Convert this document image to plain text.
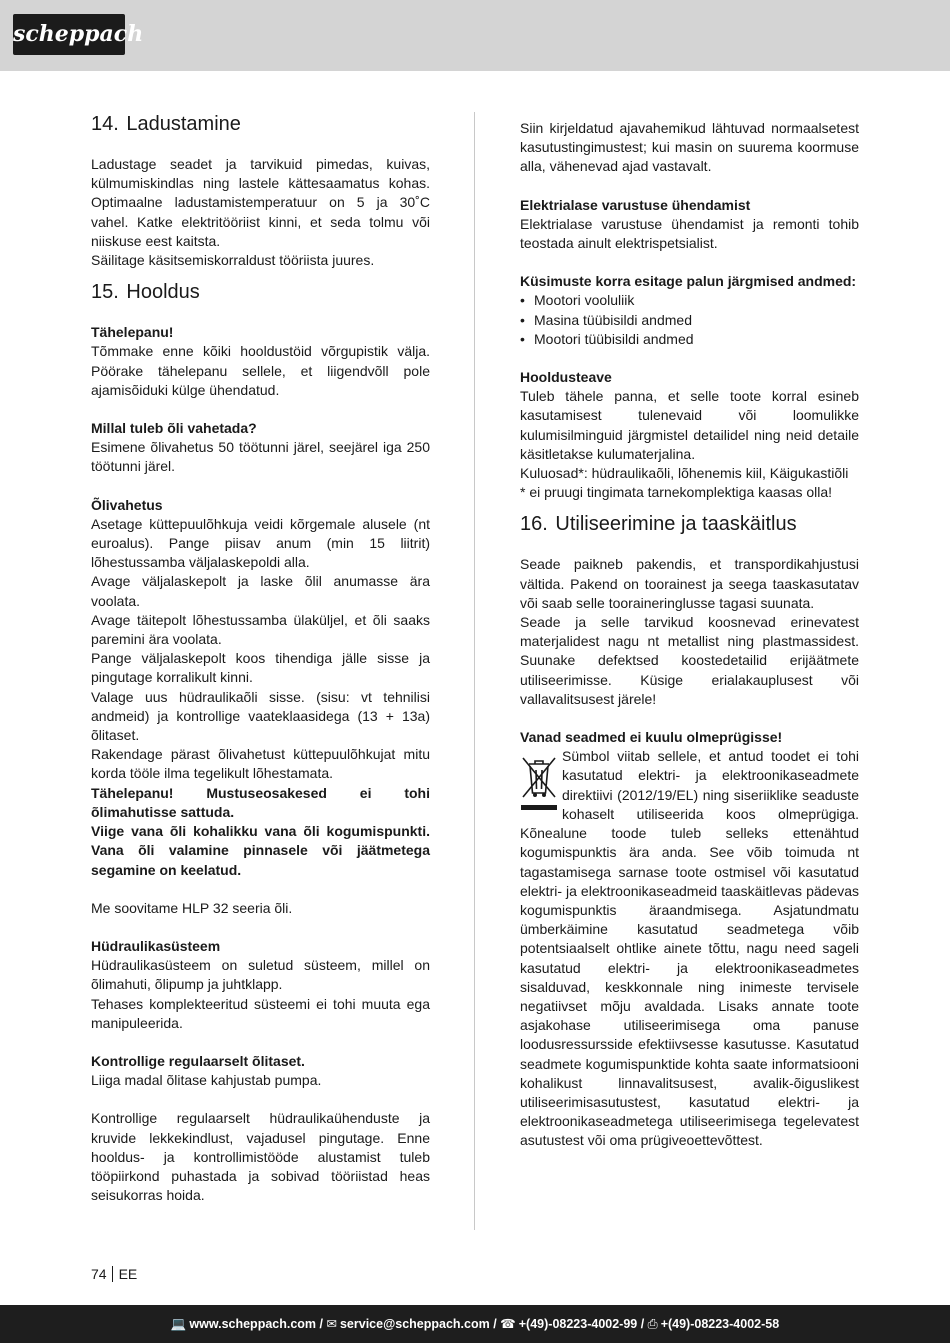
scheppach
14. Ladustamine

Ladustage seadet ja tarvikuid pimedas, kuivas, külmumiskindlas ning lastele kättesaamatus kohas. Optimaalne ladustamistemperatuur on 5 ja 30˚C vahel. Katke elektritööriist kinni, et seda tolmu või niiskuse eest kaitsta.

Säilitage käsitsemiskorraldust tööriista juures.

15. Hooldus

Tähelepanu!

Tõmmake enne kõiki hooldustöid võrgupistik välja. Pöörake tähelepanu sellele, et liigendvõll pole ajamisõiduki külge ühendatud.

Millal tuleb õli vahetada?

Esimene õlivahetus 50 töötunni järel, seejärel iga 250 töötunni järel.

Õlivahetus

Asetage küttepuulõhkuja veidi kõrgemale alusele (nt euroalus). Pange piisav anum (min 15 liitrit) lõhestussamba väljalaskepoldi alla.

Avage väljalaskepolt ja laske õlil anumasse ära voolata.

Avage täitepolt lõhestussamba ülaküljel, et õli saaks paremini ära voolata.

Pange väljalaskepolt koos tihendiga jälle sisse ja pingutage korralikult kinni.

Valage uus hüdraulikaõli sisse. (sisu: vt tehnilisi andmeid) ja kontrollige vaateklaasidega (13 + 13a) õlitaset.

Rakendage pärast õlivahetust küttepuulõhkujat mitu korda tööle ilma tegelikult lõhestamata.

Tähelepanu! Mustuseosakesed ei tohi õlimahutisse sattuda.

Viige vana õli kohalikku vana õli kogumispunkti. Vana õli valamine pinnasele või jäätmetega segamine on keelatud.

Me soovitame HLP 32 seeria õli.

Hüdraulikasüsteem

Hüdraulikasüsteem on suletud süsteem, millel on õlimahuti, õlipump ja juhtklapp.

Tehases komplekteeritud süsteemi ei tohi muuta ega manipuleerida.

Kontrollige regulaarselt õlitaset.

Liiga madal õlitase kahjustab pumpa.

Kontrollige regulaarselt hüdraulikaühenduste ja kruvide lekkekindlust, vajadusel pingutage. Enne hooldus- ja kontrollimistööde alustamist tuleb tööpiirkond puhastada ja sobivad tööriistad heas seisukorras hoida.

Siin kirjeldatud ajavahemikud lähtuvad normaalsetest kasutustingimustest; kui masin on suurema koormuse alla, vähenevad ajad vastavalt.

Elektrialase varustuse ühendamist

Elektrialase varustuse ühendamist ja remonti tohib teostada ainult elektrispetsialist.

Küsimuste korra esitage palun järgmised andmed:

• Mootori vooluliik
• Masina tüübisildi andmed
• Mootori tüübisildi andmed

Hooldusteave

Tuleb tähele panna, et selle toote korral esineb kasutamisest tulenevaid või loomulikke kulumisilminguid järgmistel detailidel ning neid detaile käsitletakse kulumaterjalina.

Kuluosad*: hüdraulikaõli, lõhenemis kiil, Käigukastiõli

* ei pruugi tingimata tarnekomplektiga kaasas olla!

16. Utiliseerimine ja taaskäitlus

Seade paikneb pakendis, et transpordikahjustusi vältida. Pakend on toorainest ja seega taaskasutatav või saab selle tooraineringlusse tagasi suunata.

Seade ja selle tarvikud koosnevad erinevatest materjalidest nagu nt metallist ning plastmassidest. Suunake defektsed koostedetailid erijäätmete utiliseerimisse. Küsige erialakauplusest või vallavalitsusest järele!

Vanad seadmed ei kuulu olmeprügisse!

Sümbol viitab sellele, et antud toodet ei tohi kasutatud elektri- ja elektroonikaseadmete direktiivi (2012/19/EL) ning siseriiklike seaduste kohaselt utiliseerida koos olmeprügiga. Kõnealune toode tuleb selleks ettenähtud kogumispunktis ära anda. See võib toimuda nt tagastamisega sarnase toote ostmisel või kasutatud elektri- ja elektroonikaseadmeid taaskäitlevas pädevas kogumispunktis äraandmisega. Asjatundmatu ümberkäimine kasutatud seadmetega võib potentsiaalselt ohtlike ainete tõttu, nagu need sageli kasutatud elektri- ja elektroonikaseadmetes sisalduvad, keskkonnale ning inimeste tervisele negatiivset mõju avaldada. Lisaks annate toote asjakohase utiliseerimisega oma panuse loodusressursside efektiivsesse kasutusse. Kasutatud seadmete kogumispunktide kohta saate informatsiooni kohalikust linnavalitsusest, avalik-õiguslikest utiliseerimisasutustest, kasutatud elektri- ja elektroonikaseadmetega utiliseerimisega tegelevatest asutustest või oma prügiveoettevõttest.

74 EE
💻 www.scheppach.com / ✉ service@scheppach.com / ☎ +(49)-08223-4002-99 / ⎙ +(49)-08223-4002-58
